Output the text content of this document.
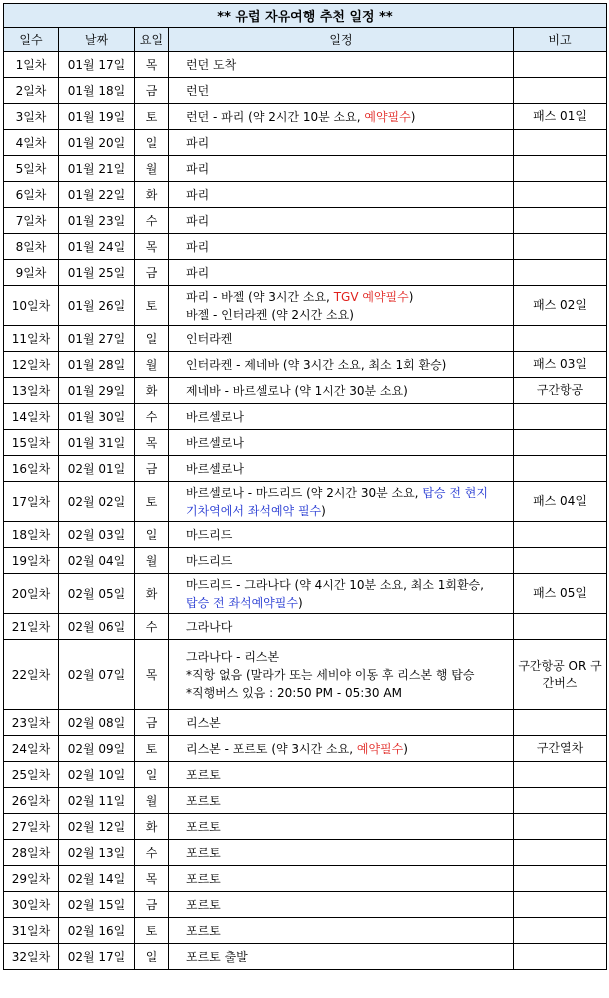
** 유럽 자유여행 추천 일정 **				
일수	날짜	요일	일정	비고
1일차	01월 17일	목	런던 도착	

2일차	01월 18일	금	런던	

3일차	01월 19일	토	런던 - 파리 (약 2시간 10분 소요, 예약필수)	패스 01일
4일차	01월 20일	일	파리	

5일차	01월 21일	월	파리	

6일차	01월 22일	화	파리	

7일차	01월 23일	수	파리	

8일차	01월 24일	목	파리	

9일차	01월 25일	금	파리	

10일차	01월 26일	토	파리 - 바젤 (약 3시간 소요, TGV 예약필수)
바젤 - 인터라켄 (약 2시간 소요)	패스 02일
11일차	01월 27일	일	인터라켄	

12일차	01월 28일	월	인터라켄 - 제네바 (약 3시간 소요, 최소 1회 환승)	패스 03일
13일차	01월 29일	화	제네바 - 바르셀로나 (약 1시간 30분 소요)	구간항공
14일차	01월 30일	수	바르셀로나	

15일차	01월 31일	목	바르셀로나	

16일차	02월 01일	금	바르셀로나	

17일차	02월 02일	토	바르셀로나 - 마드리드 (약 2시간 30분 소요, 탑승 전 현지
기차역에서 좌석예약 필수)	패스 04일
18일차	02월 03일	일	마드리드	

19일차	02월 04일	월	마드리드	

20일차	02월 05일	화	마드리드 - 그라나다 (약 4시간 10분 소요, 최소 1회환승,
탑승 전 좌석예약필수)	패스 05일
21일차	02월 06일	수	그라나다	

22일차	02월 07일	목	그라나다 - 리스본
*직항 없음 (말라가 또는 세비야 이동 후 리스본 행 탑승
*직행버스 있음 : 20:50 PM - 05:30 AM	구간항공 OR 구간버스
23일차	02월 08일	금	리스본	

24일차	02월 09일	토	리스본 - 포르토 (약 3시간 소요, 예약필수)	구간열차
25일차	02월 10일	일	포르토	

26일차	02월 11일	월	포르토	

27일차	02월 12일	화	포르토	

28일차	02월 13일	수	포르토	

29일차	02월 14일	목	포르토	

30일차	02월 15일	금	포르토	

31일차	02월 16일	토	포르토	

32일차	02월 17일	일	포르토 출발	
